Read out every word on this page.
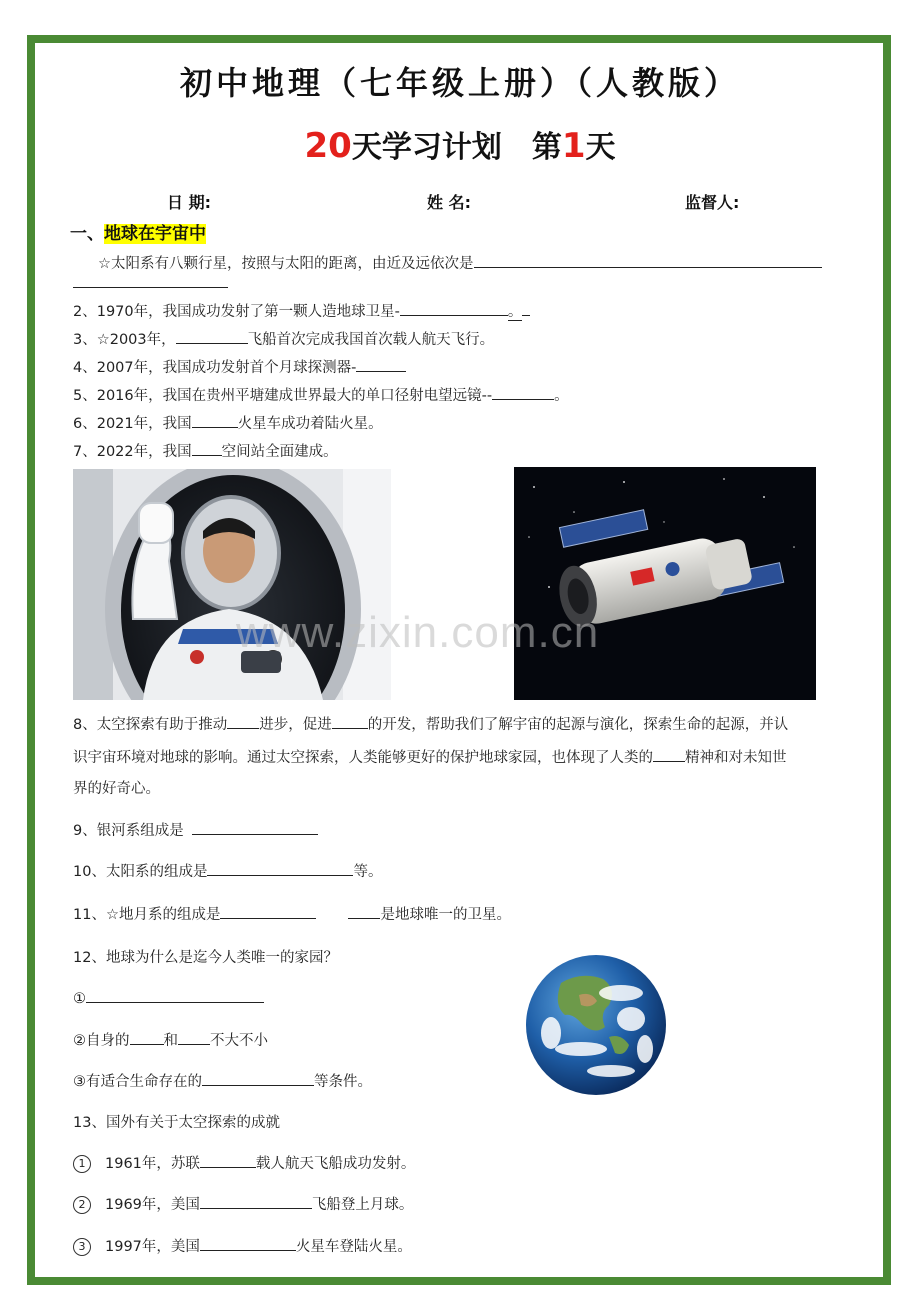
初中地理（七年级上册）（人教版）
20天学习计划 第1天
日 期:	姓 名:	监督人:
一、地球在宇宙中
☆太阳系有八颗行星，按照与太阳的距离，由近及远依次是
2、1970年，我国成功发射了第一颗人造地球卫星-	。
3、☆2003年，	飞船首次完成我国首次载人航天飞行。
4、2007年，我国成功发射首个月球探测器-
5、2016年，我国在贵州平塘建成世界最大的单口径射电望远镜--	。
6、2021年，我国	火星车成功着陆火星。
7、2022年，我国 空间站全面建成。
www.zixin.com.cn
8、太空探索有助于推动 进步，促进 的开发，帮助我们了解宇宙的起源与演化，探索生命的起源，并认
识宇宙环境对地球的影响。通过太空探索，人类能够更好的保护地球家园，也体现了人类的 精神和对未知世
界的好奇心。
9、银河系组成是
10、太阳系的组成是	等。
11、☆地月系的组成是	是地球唯一的卫星。
12、地球为什么是迄今人类唯一的家园？
①
②自身的 和 不大不小
③有适合生命存在的	等条件。
13、国外有关于太空探索的成就
1 1961年，苏联	载人航天飞船成功发射。
2 1969年，美国	飞船登上月球。
3 1997年，美国	火星车登陆火星。
